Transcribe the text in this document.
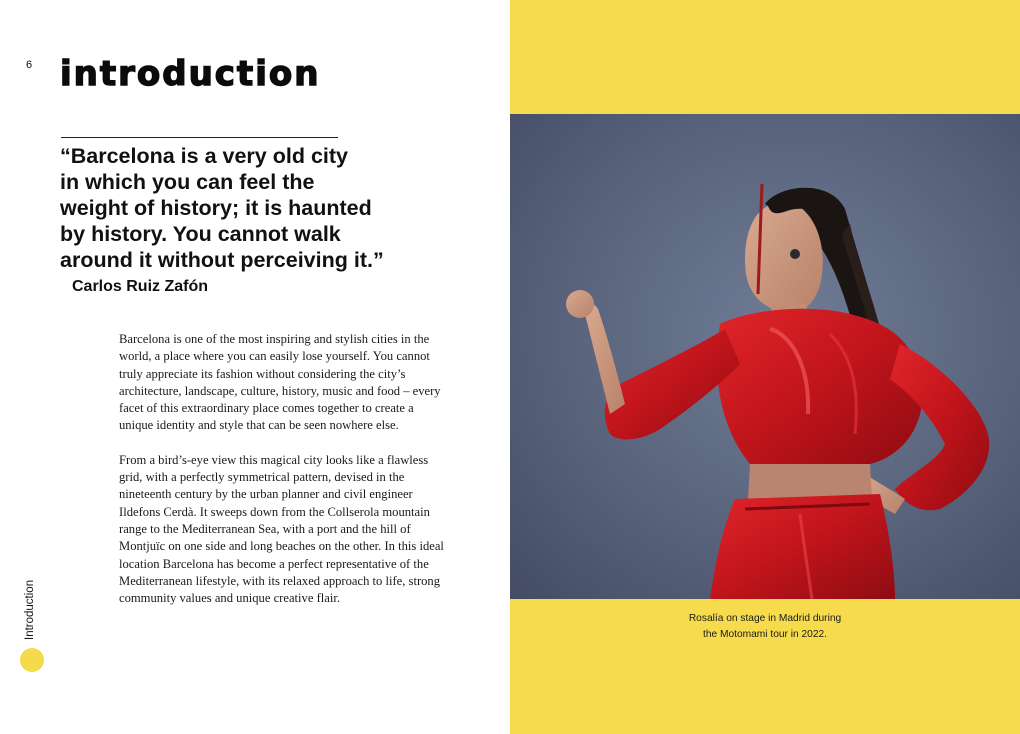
6 introduction

“Barcelona is a very old city
in which you can feel the
weight of history; it is haunted
by history. You cannot walk
around it without perceiving it.”

Carlos Ruiz Zafón

Barcelona is one of the most inspiring and stylish cities in the world, a place where you can easily lose yourself. You cannot truly appreciate its fashion without considering the city’s architecture, landscape, culture, history, music and food – every facet of this extraordinary place comes together to create a unique identity and style that can be seen nowhere else.

From a bird’s-eye view this magical city looks like a flawless grid, with a perfectly symmetrical pattern, devised in the nineteenth century by the urban planner and civil engineer Ildefons Cerdà. It sweeps down from the Collserola mountain range to the Mediterranean Sea, with a port and the hill of Montjuïc on one side and long beaches on the other. In this ideal location Barcelona has become a perfect representative of the Mediterranean lifestyle, with its relaxed approach to life, strong community values and unique creative flair.

Introduction	Rosalía on stage in Madrid during
the Motomami tour in 2022.
